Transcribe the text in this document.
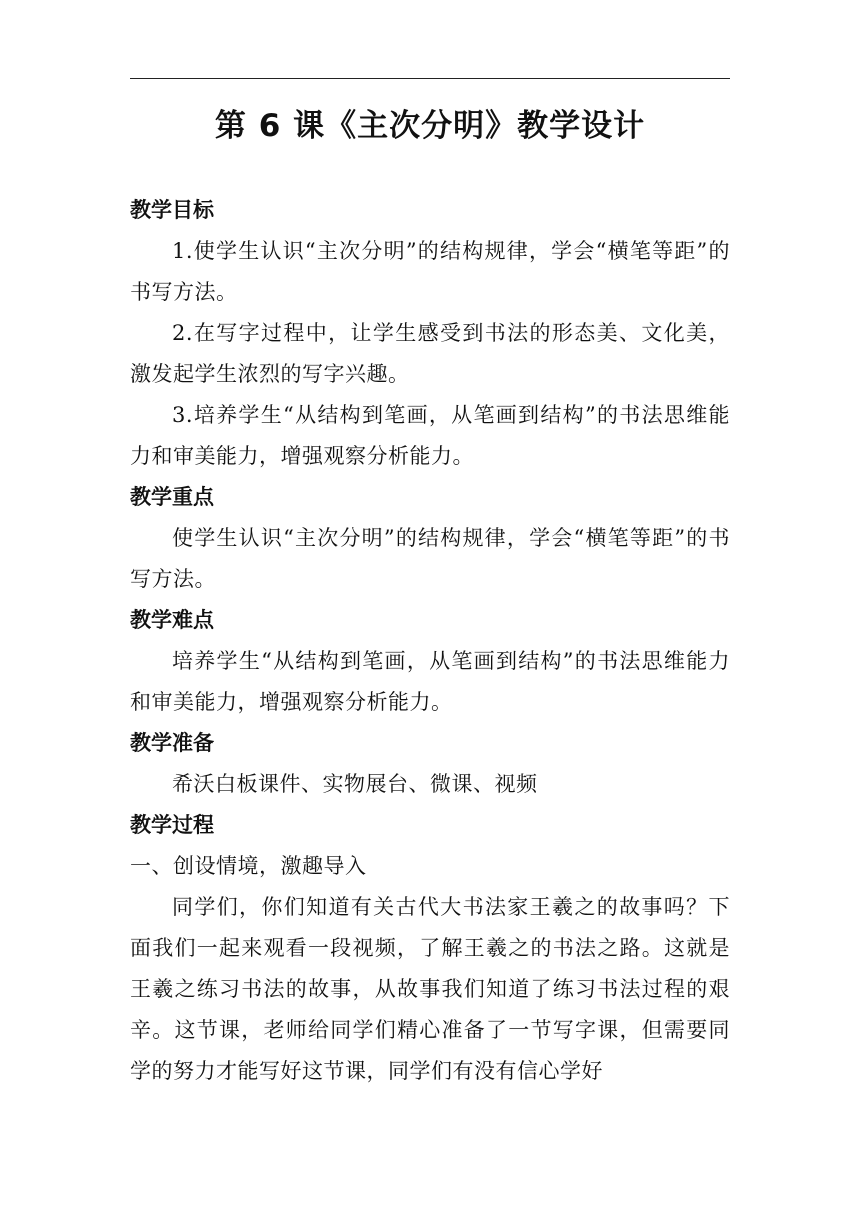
第 6 课《主次分明》教学设计

教学目标

1.使学生认识“主次分明”的结构规律，学会“横笔等距”的书写方法。

2.在写字过程中，让学生感受到书法的形态美、文化美，激发起学生浓烈的写字兴趣。

3.培养学生“从结构到笔画，从笔画到结构”的书法思维能力和审美能力，增强观察分析能力。

教学重点

使学生认识“主次分明”的结构规律，学会“横笔等距”的书写方法。

教学难点

培养学生“从结构到笔画，从笔画到结构”的书法思维能力和审美能力，增强观察分析能力。

教学准备

希沃白板课件、实物展台、微课、视频

教学过程

一、创设情境，激趣导入

同学们，你们知道有关古代大书法家王羲之的故事吗？下面我们一起来观看一段视频，了解王羲之的书法之路。这就是王羲之练习书法的故事，从故事我们知道了练习书法过程的艰辛。这节课，老师给同学们精心准备了一节写字课，但需要同学的努力才能写好这节课，同学们有没有信心学好
